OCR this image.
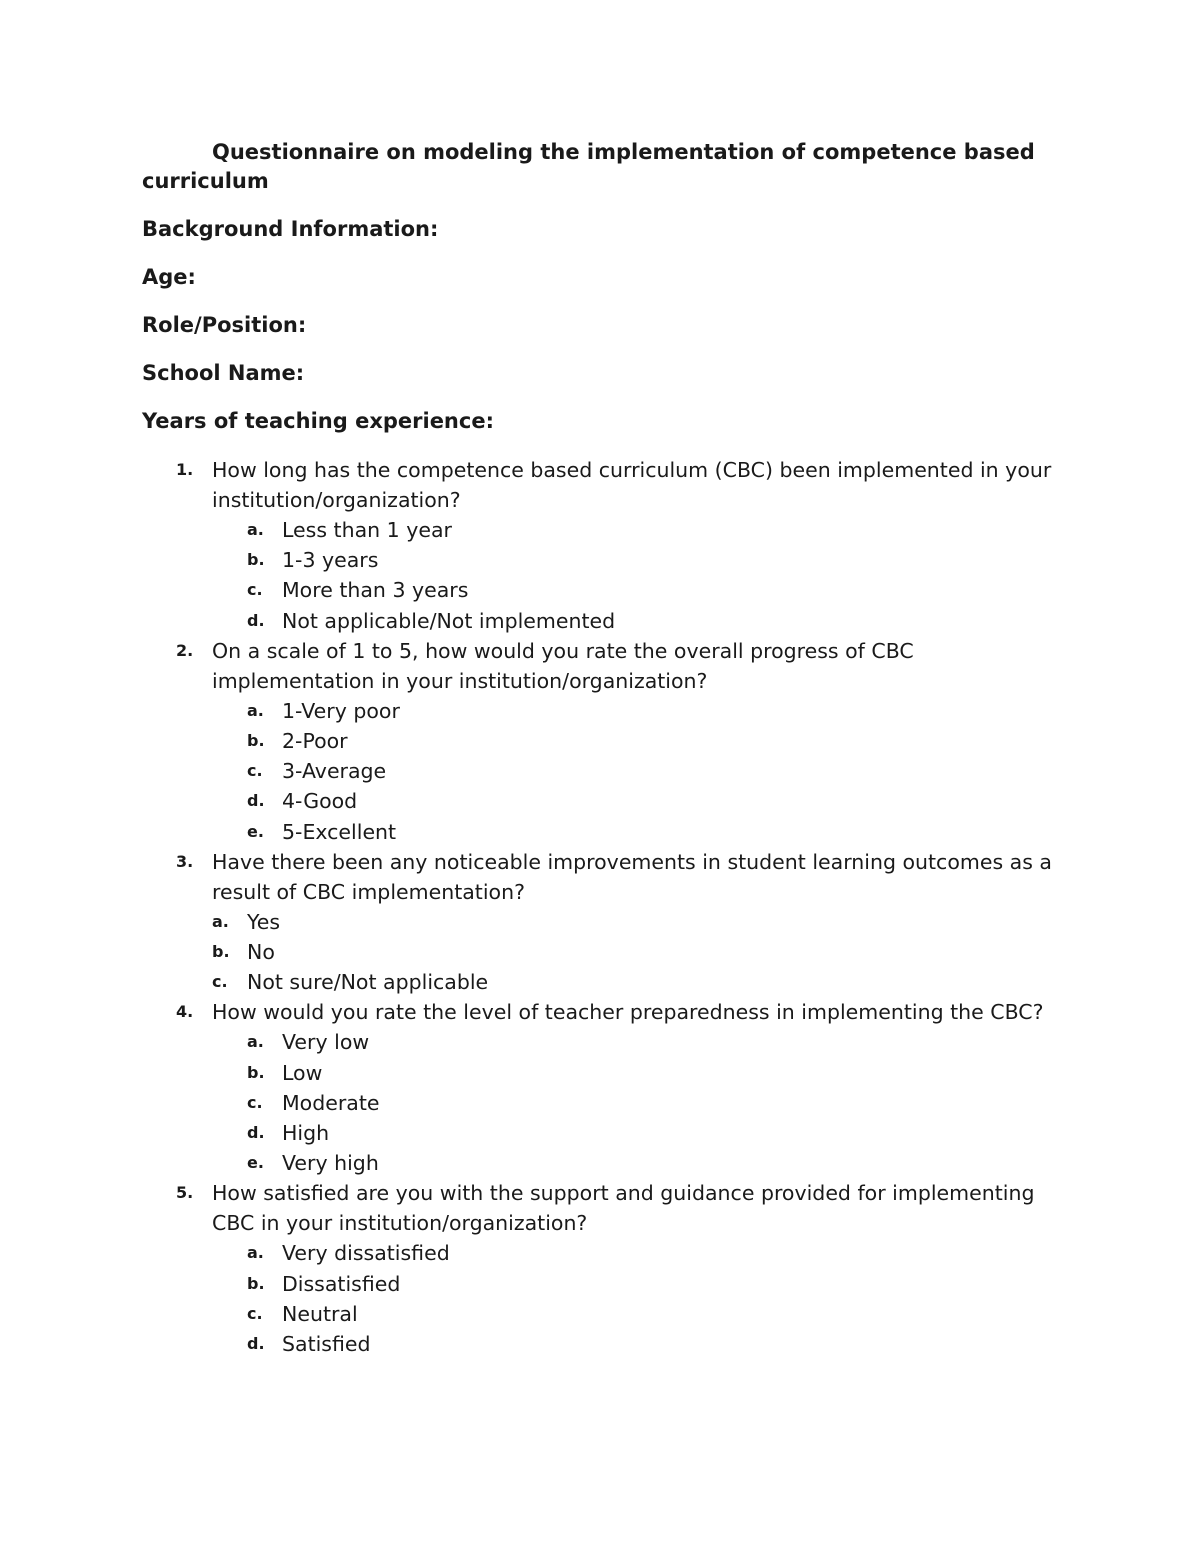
Questionnaire on modeling the implementation of competence based curriculum

Background Information:

Age:

Role/Position:

School Name:

Years of teaching experience:

1. How long has the competence based curriculum (CBC) been implemented in your institution/organization?
a. Less than 1 year
b. 1-3 years
c. More than 3 years
d. Not applicable/Not implemented
2. On a scale of 1 to 5, how would you rate the overall progress of CBC implementation in your institution/organization?
a. 1-Very poor
b. 2-Poor
c. 3-Average
d. 4-Good
e. 5-Excellent
3. Have there been any noticeable improvements in student learning outcomes as a result of CBC implementation?
a. Yes
b. No
c. Not sure/Not applicable
4. How would you rate the level of teacher preparedness in implementing the CBC?
a. Very low
b. Low
c. Moderate
d. High
e. Very high
5. How satisfied are you with the support and guidance provided for implementing CBC in your institution/organization?
a. Very dissatisfied
b. Dissatisfied
c. Neutral
d. Satisfied
